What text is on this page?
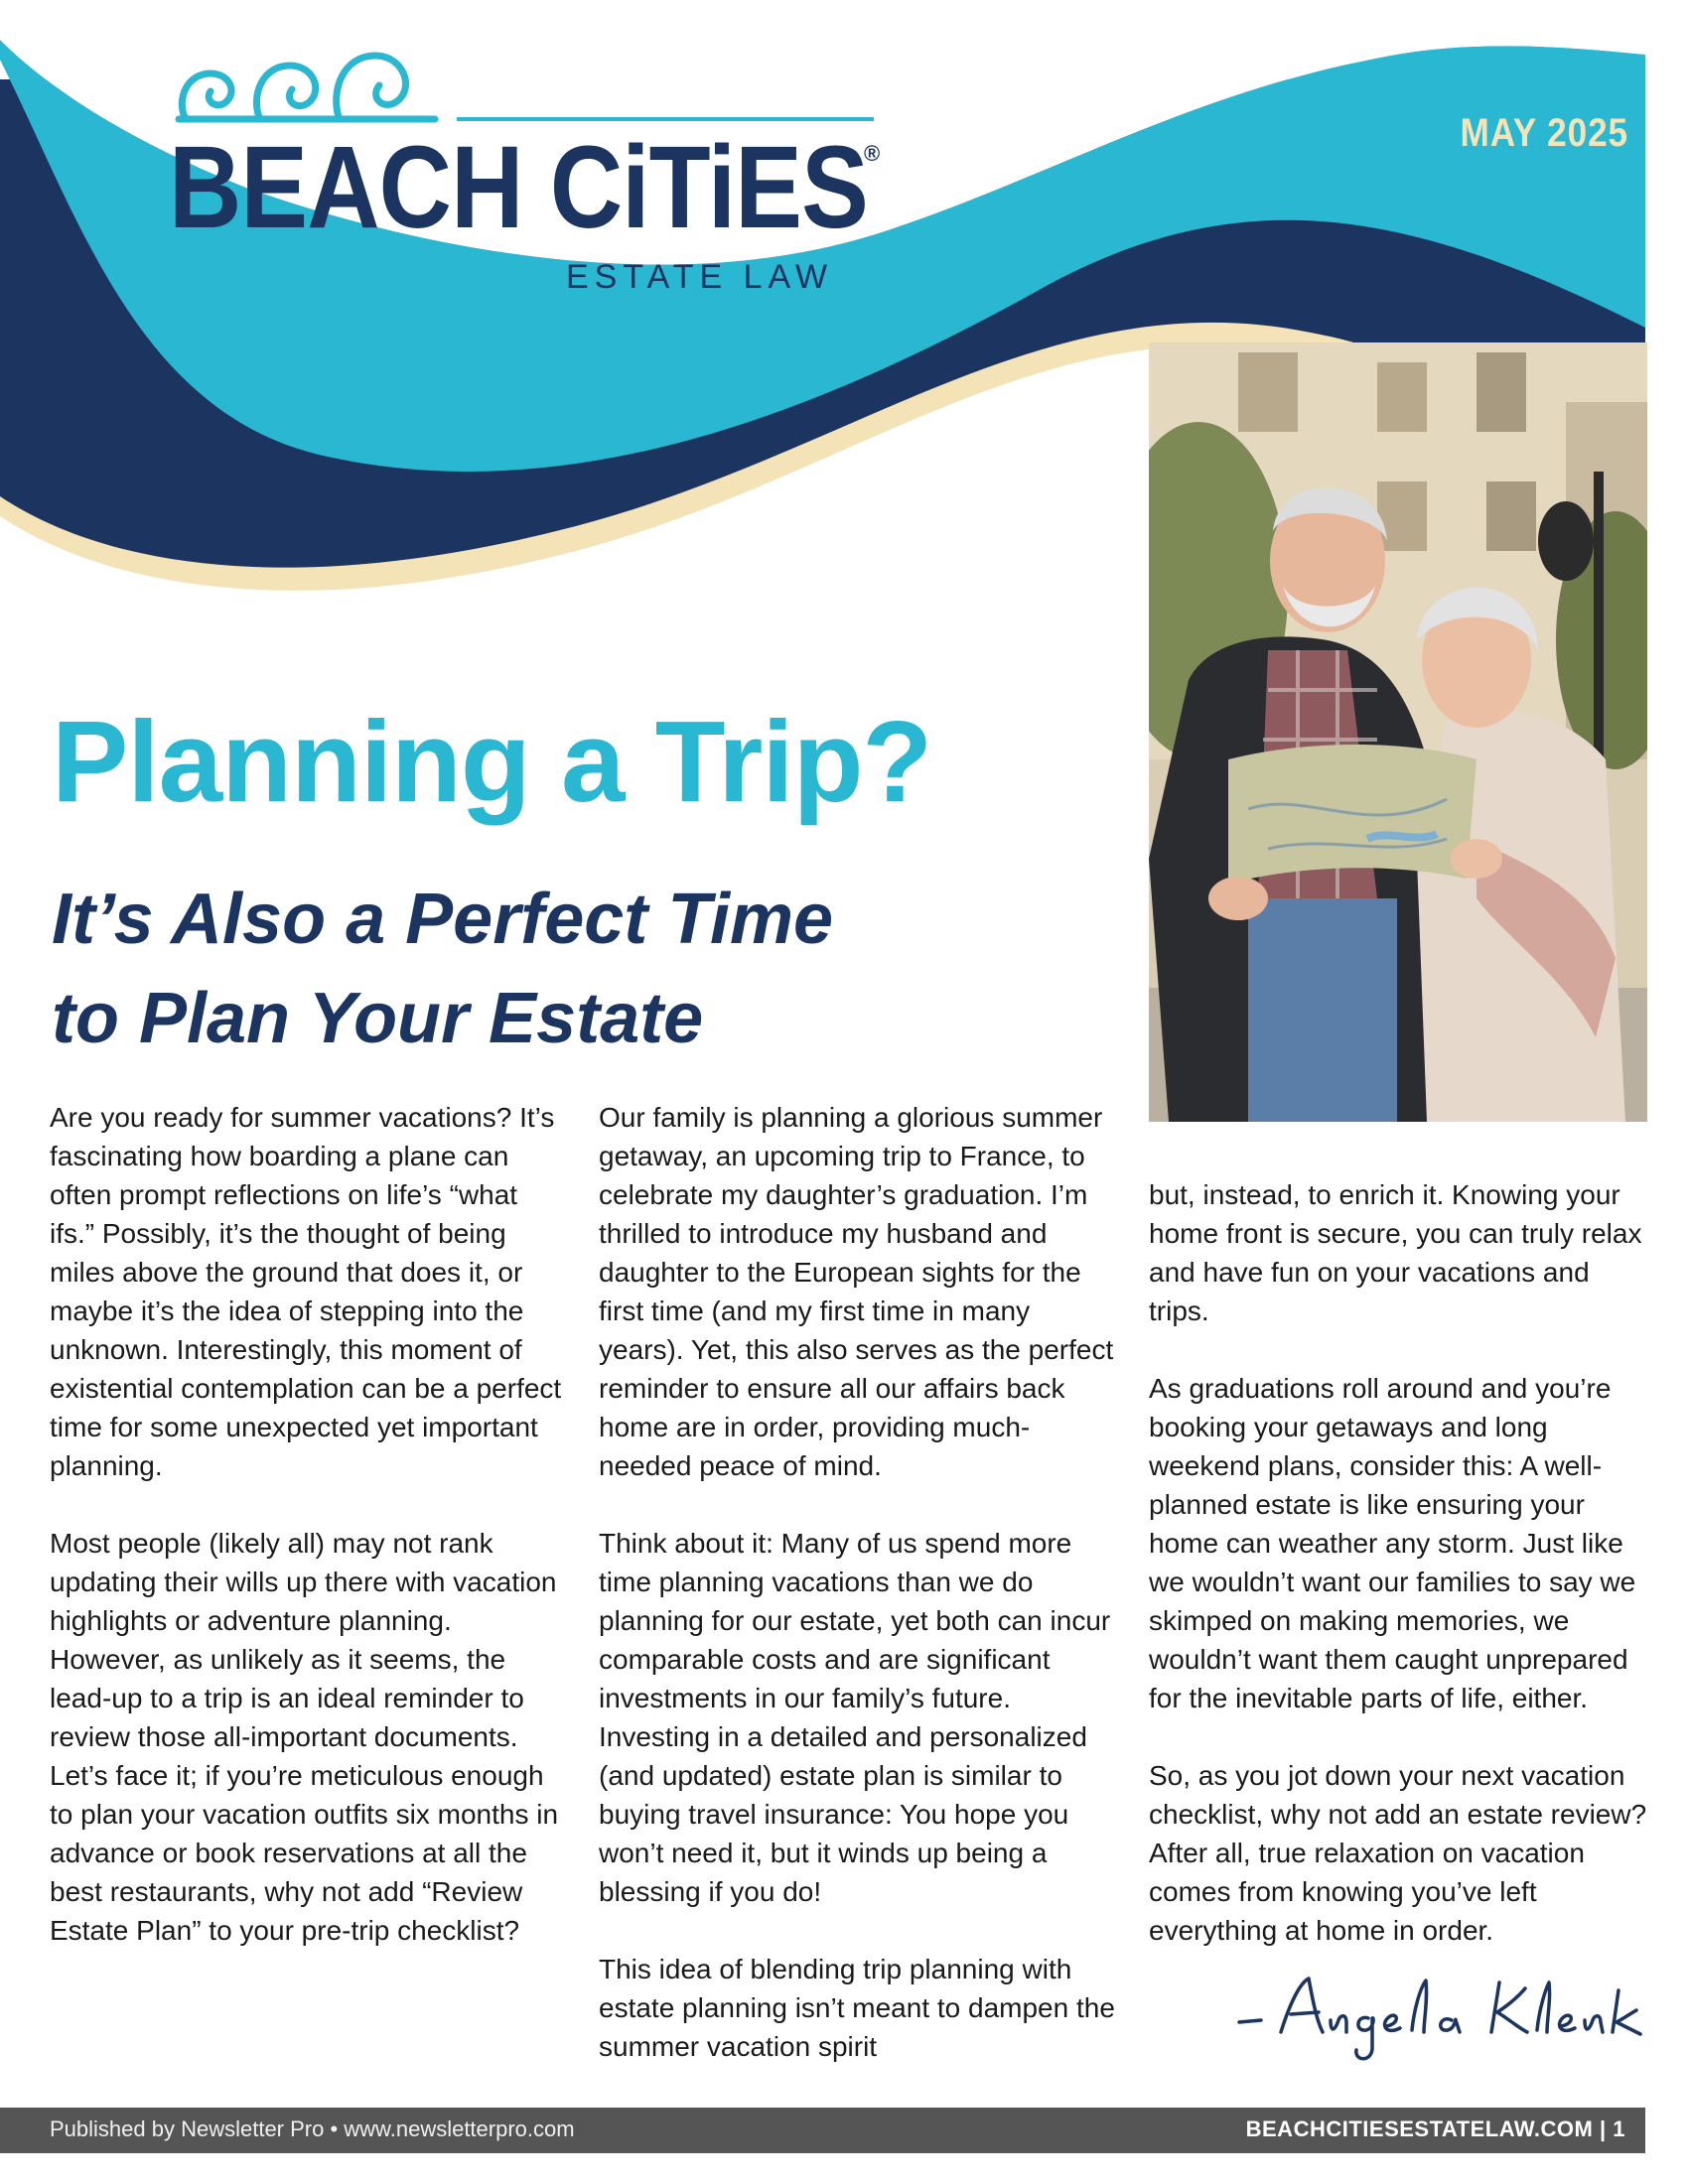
BEACH CiTiES
®
ESTATE LAW
MAY 2025
Planning a Trip?
It’s Also a Perfect Time
to Plan Your Estate

Are you ready for summer vacations? It’s fascinating how boarding a plane can often prompt reflections on life’s “what ifs.” Possibly, it’s the thought of being miles above the ground that does it, or maybe it’s the idea of stepping into the unknown. Interestingly, this moment of existential contemplation can be a perfect time for some unexpected yet important planning.

Most people (likely all) may not rank updating their wills up there with vacation highlights or adventure planning. However, as unlikely as it seems, the lead-up to a trip is an ideal reminder to review those all-important documents. Let’s face it; if you’re meticulous enough to plan your vacation outfits six months in advance or book reservations at all the best restaurants, why not add “Review Estate Plan” to your pre-trip checklist?

Our family is planning a glorious summer getaway, an upcoming trip to France, to celebrate my daughter’s graduation. I’m thrilled to introduce my husband and daughter to the European sights for the first time (and my first time in many years). Yet, this also serves as the perfect reminder to ensure all our affairs back home are in order, providing much-needed peace of mind.

Think about it: Many of us spend more time planning vacations than we do planning for our estate, yet both can incur comparable costs and are significant investments in our family’s future. Investing in a detailed and personalized (and updated) estate plan is similar to buying travel insurance: You hope you won’t need it, but it winds up being a blessing if you do!

This idea of blending trip planning with estate planning isn’t meant to dampen the summer vacation spirit

but, instead, to enrich it. Knowing your home front is secure, you can truly relax and have fun on your vacations and trips.

As graduations roll around and you’re booking your getaways and long weekend plans, consider this: A well-planned estate is like ensuring your home can weather any storm. Just like we wouldn’t want our families to say we skimped on making memories, we wouldn’t want them caught unprepared for the inevitable parts of life, either.

So, as you jot down your next vacation checklist, why not add an estate review? After all, true relaxation on vacation comes from knowing you’ve left everything at home in order.

Published by Newsletter Pro • www.newsletterpro.com	BEACHCITIESESTATELAW.COM | 1
